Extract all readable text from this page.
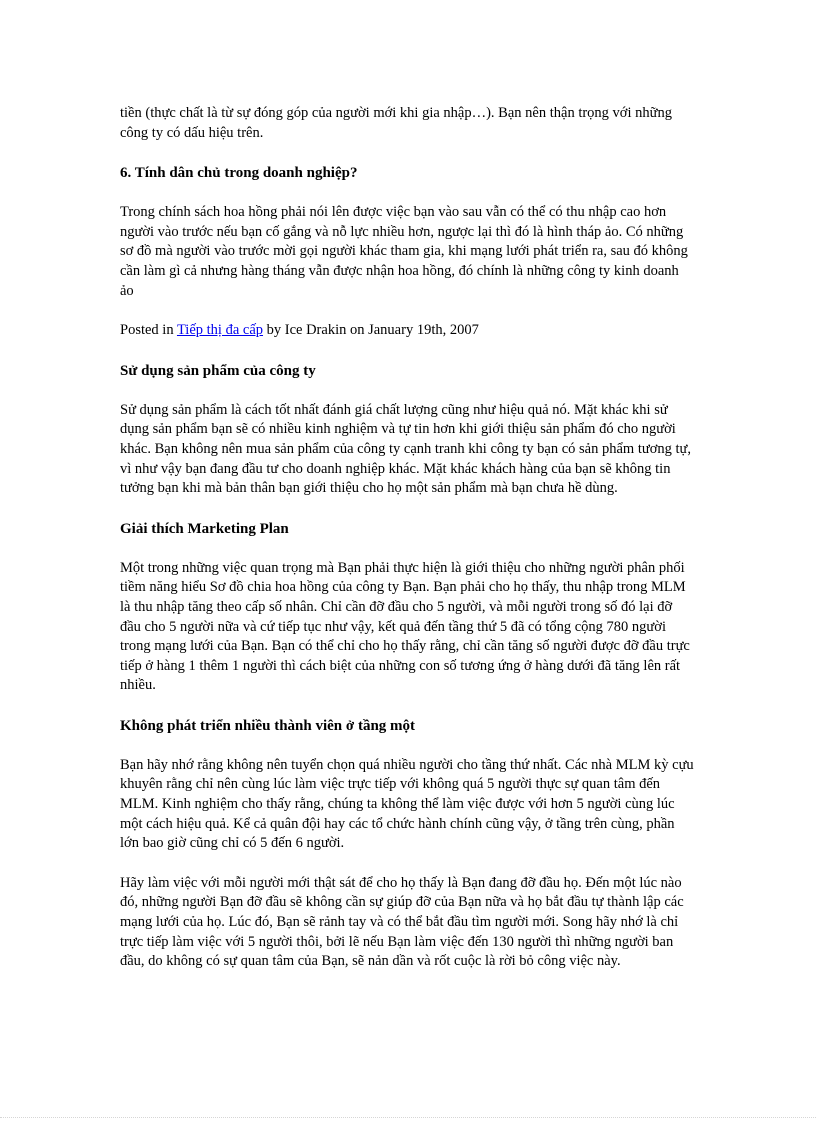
tiền (thực chất là từ sự đóng góp của người mới khi gia nhập…). Bạn nên thận trọng với những công ty có dấu hiệu trên.

6. Tính dân chủ trong doanh nghiệp?

Trong chính sách hoa hồng phải nói lên được việc bạn vào sau vẫn có thể có thu nhập cao hơn người vào trước nếu bạn cố gắng và nỗ lực nhiều hơn, ngược lại thì đó là hình tháp ảo. Có những sơ đồ mà người vào trước mời gọi người khác tham gia, khi mạng lưới phát triển ra, sau đó không cần làm gì cả nhưng hàng tháng vẫn được nhận hoa hồng, đó chính là những công ty kinh doanh ảo

Posted in Tiếp thị đa cấp by Ice Drakin on January 19th, 2007

Sử dụng sản phẩm của công ty

Sử dụng sản phẩm là cách tốt nhất đánh giá chất lượng cũng như hiệu quả nó. Mặt khác khi sử dụng sản phẩm bạn sẽ có nhiều kinh nghiệm và tự tin hơn khi giới thiệu sản phẩm đó cho người khác. Bạn không nên mua sản phẩm của công ty cạnh tranh khi công ty bạn có sản phẩm tương tự, vì như vậy bạn đang đầu tư cho doanh nghiệp khác. Mặt khác khách hàng của bạn sẽ không tin tưởng bạn khi mà bản thân bạn giới thiệu cho họ một sản phẩm mà bạn chưa hề dùng.

Giải thích Marketing Plan

Một trong những việc quan trọng mà Bạn phải thực hiện là giới thiệu cho những người phân phối tiềm năng hiểu Sơ đồ chia hoa hồng của công ty Bạn. Bạn phải cho họ thấy, thu nhập trong MLM là thu nhập tăng theo cấp số nhân. Chỉ cần đỡ đầu cho 5 người, và mỗi người trong số đó lại đỡ đầu cho 5 người nữa và cứ tiếp tục như vậy, kết quả đến tầng thứ 5 đã có tổng cộng 780 người trong mạng lưới của Bạn. Bạn có thể chỉ cho họ thấy rằng, chỉ cần tăng số người được đỡ đầu trực tiếp ở hàng 1 thêm 1 người thì cách biệt của những con số tương ứng ở hàng dưới đã tăng lên rất nhiều.

Không phát triển nhiều thành viên ở tầng một

Bạn hãy nhớ rằng không nên tuyển chọn quá nhiều người cho tầng thứ nhất. Các nhà MLM kỳ cựu khuyên rằng chỉ nên cùng lúc làm việc trực tiếp với không quá 5 người thực sự quan tâm đến MLM. Kinh nghiệm cho thấy rằng, chúng ta không thể làm việc được với hơn 5 người cùng lúc một cách hiệu quả. Kể cả quân đội hay các tổ chức hành chính cũng vậy, ở tầng trên cùng, phần lớn bao giờ cũng chỉ có 5 đến 6 người.

Hãy làm việc với mỗi người mới thật sát để cho họ thấy là Bạn đang đỡ đầu họ. Đến một lúc nào đó, những người Bạn đỡ đầu sẽ không cần sự giúp đỡ của Bạn nữa và họ bắt đầu tự thành lập các mạng lưới của họ. Lúc đó, Bạn sẽ rảnh tay và có thể bắt đầu tìm người mới. Song hãy nhớ là chỉ trực tiếp làm việc với 5 người thôi, bởi lẽ nếu Bạn làm việc đến 130 người thì những người ban đầu, do không có sự quan tâm của Bạn, sẽ nản dần và rốt cuộc là rời bỏ công việc này.
